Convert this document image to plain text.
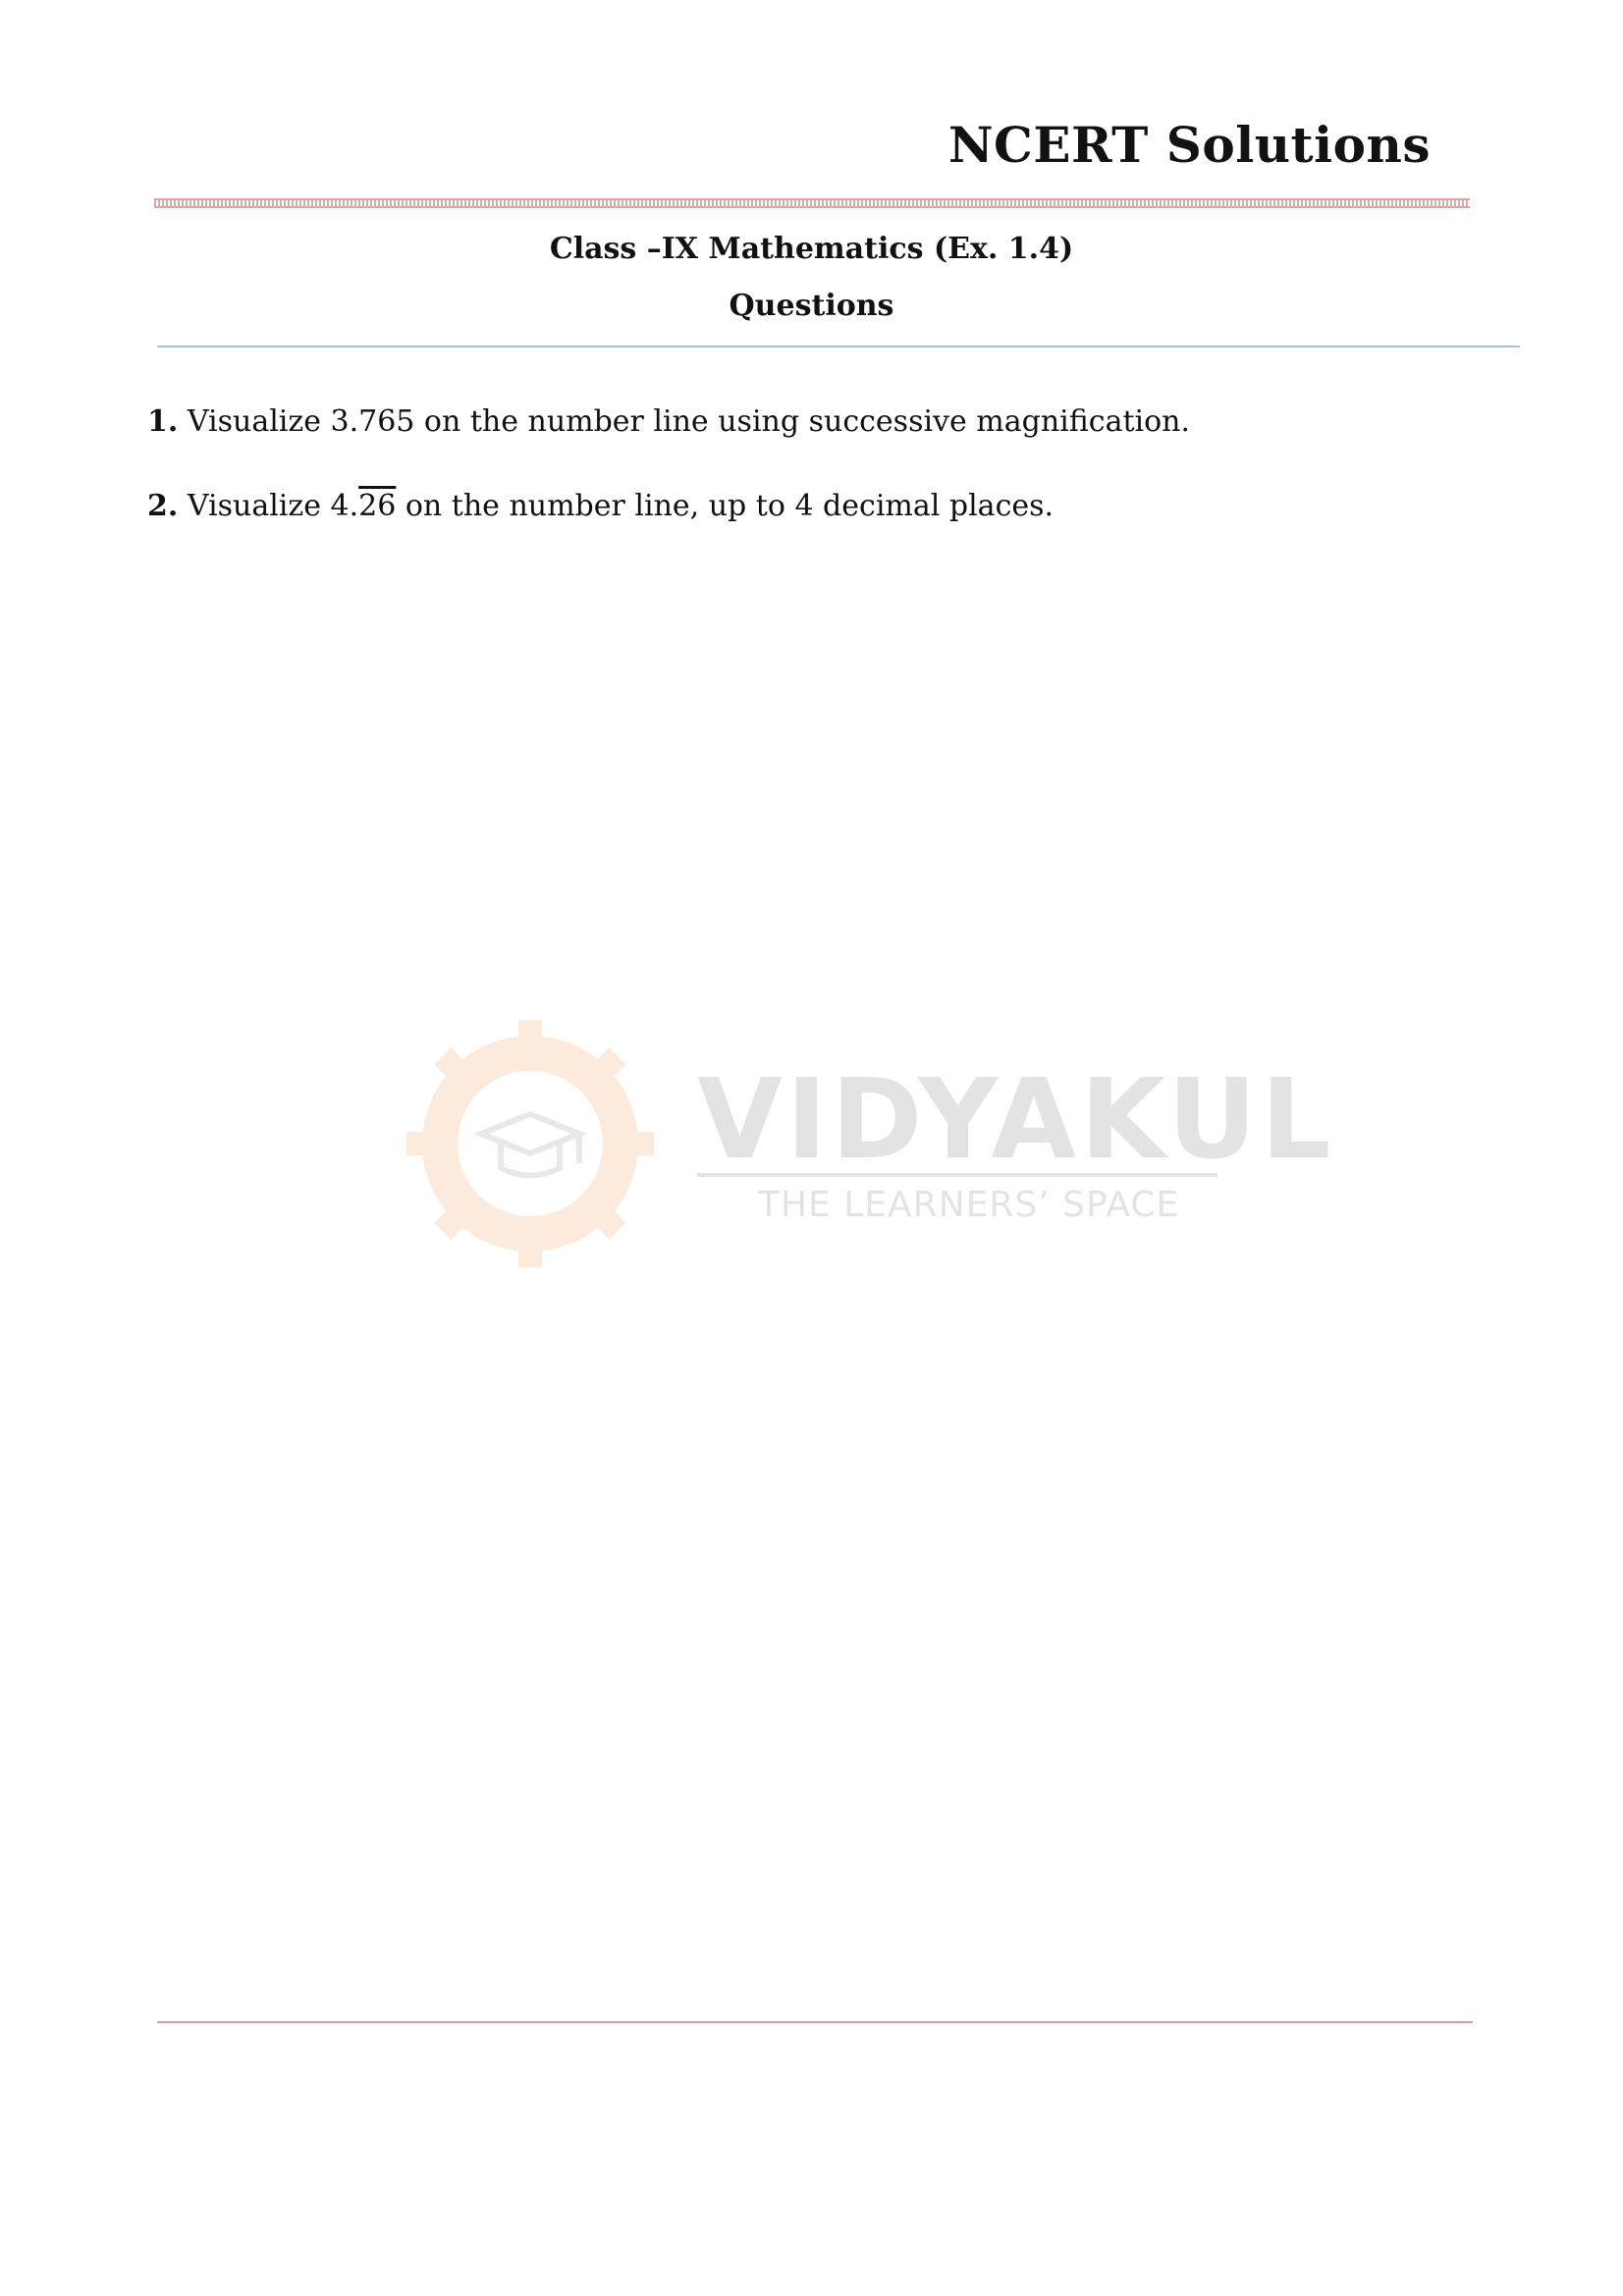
NCERT Solutions
Class –IX Mathematics (Ex. 1.4)
Questions
1. Visualize 3.765 on the number line using successive magnification.
2. Visualize 4.26 on the number line, up to 4 decimal places.
VIDYAKUL
THE LEARNERS’ SPACE
